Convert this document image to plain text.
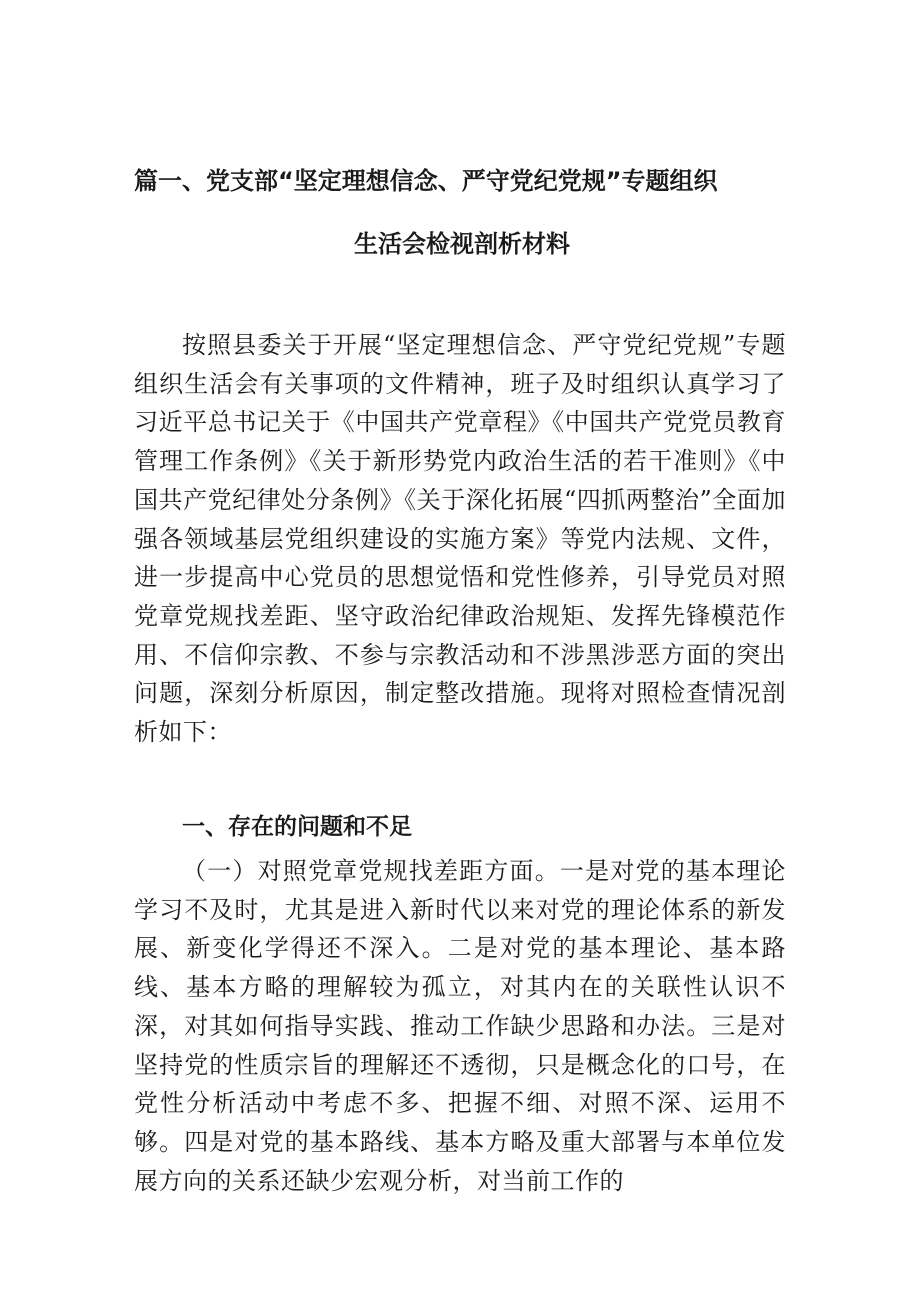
篇一、党支部“坚定理想信念、严守党纪党规”专题组织
生活会检视剖析材料

按照县委关于开展“坚定理想信念、严守党纪党规”专题组织生活会有关事项的文件精神，班子及时组织认真学习了习近平总书记关于《中国共产党章程》《中国共产党党员教育管理工作条例》《关于新形势党内政治生活的若干准则》《中国共产党纪律处分条例》《关于深化拓展“四抓两整治”全面加强各领域基层党组织建设的实施方案》等党内法规、文件，进一步提高中心党员的思想觉悟和党性修养，引导党员对照党章党规找差距、坚守政治纪律政治规矩、发挥先锋模范作用、不信仰宗教、不参与宗教活动和不涉黑涉恶方面的突出问题，深刻分析原因，制定整改措施。现将对照检查情况剖析如下：

一、存在的问题和不足

（一）对照党章党规找差距方面。一是对党的基本理论学习不及时，尤其是进入新时代以来对党的理论体系的新发展、新变化学得还不深入。二是对党的基本理论、基本路线、基本方略的理解较为孤立，对其内在的关联性认识不深，对其如何指导实践、推动工作缺少思路和办法。三是对坚持党的性质宗旨的理解还不透彻，只是概念化的口号，在党性分析活动中考虑不多、把握不细、对照不深、运用不够。四是对党的基本路线、基本方略及重大部署与本单位发展方向的关系还缺少宏观分析，对当前工作的
